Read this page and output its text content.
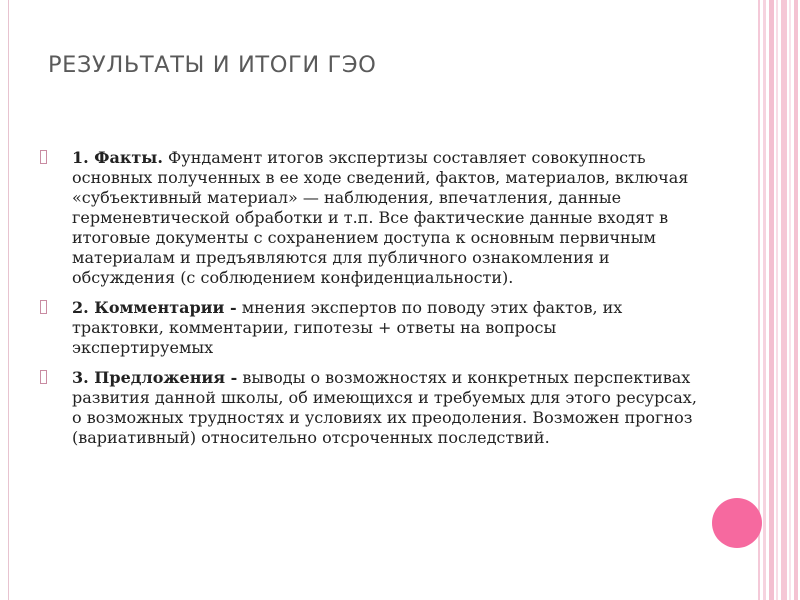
РЕЗУЛЬТАТЫ И ИТОГИ ГЭО
1. Факты. Фундамент итогов экспертизы составляет совокупность основных полученных в ее ходе сведений, фактов, материалов, включая «субъективный материал» — наблюдения, впечатления, данные герменевтической обработки и т.п. Все фактические данные входят в итоговые документы с сохранением доступа к основным первичным материалам и предъявляются для публичного ознакомления и обсуждения (с соблюдением конфиденциальности).
2. Комментарии - мнения экспертов по поводу этих фактов, их трактовки, комментарии, гипотезы + ответы на вопросы экспертируемых
3. Предложения - выводы о возможностях и конкретных перспективах развития данной школы, об имеющихся и требуемых для этого ресурсах, о возможных трудностях и условиях их преодоления. Возможен прогноз (вариативный) относительно отсроченных последствий.
